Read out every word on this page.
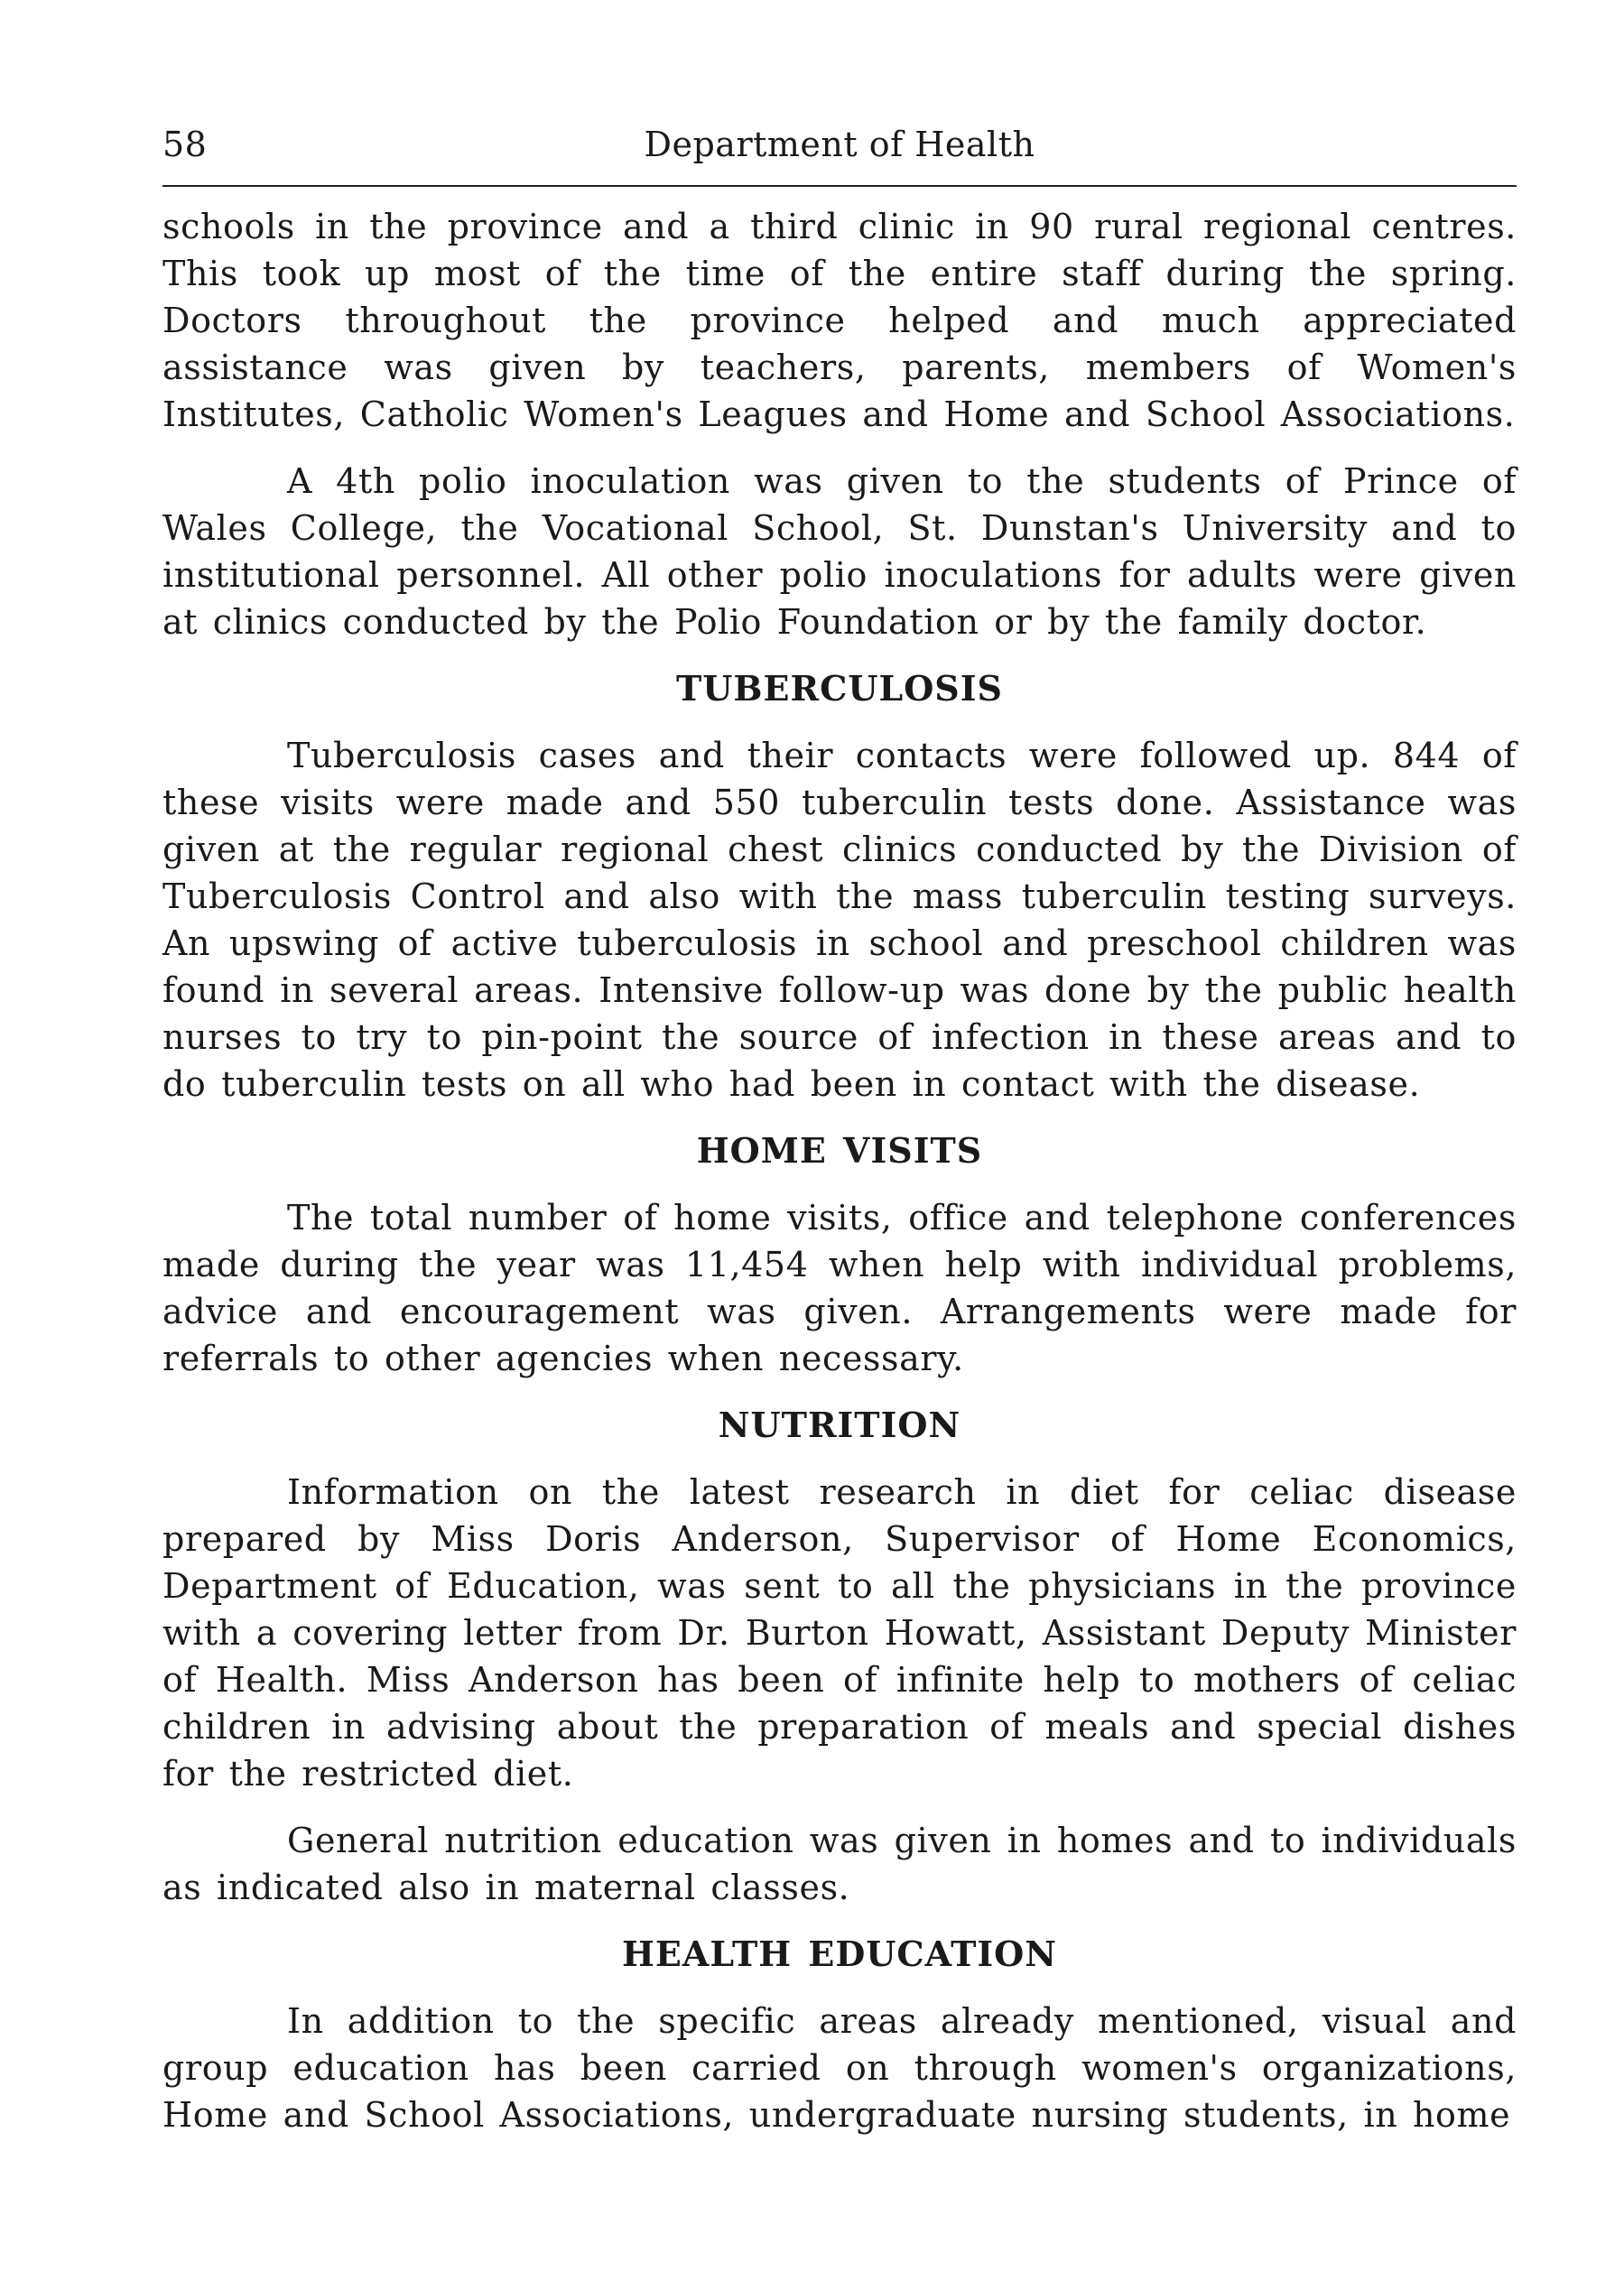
58	Department of Health

schools in the province and a third clinic in 90 rural regional centres. This took up most of the time of the entire staff during the spring. Doctors throughout the province helped and much appreciated assistance was given by teachers, parents, members of Women's Institutes, Catholic Women's Leagues and Home and School Associations.

A 4th polio inoculation was given to the students of Prince of Wales College, the Vocational School, St. Dunstan's University and to institutional personnel. All other polio inoculations for adults were given at clinics conducted by the Polio Foundation or by the family doctor.

TUBERCULOSIS

Tuberculosis cases and their contacts were followed up. 844 of these visits were made and 550 tuberculin tests done. Assistance was given at the regular regional chest clinics conducted by the Division of Tuberculosis Control and also with the mass tuberculin testing surveys. An upswing of active tuberculosis in school and preschool children was found in several areas. Intensive follow-up was done by the public health nurses to try to pin-point the source of infection in these areas and to do tuberculin tests on all who had been in contact with the disease.

HOME VISITS

The total number of home visits, office and telephone conferences made during the year was 11,454 when help with individual problems, advice and encouragement was given. Arrangements were made for referrals to other agencies when necessary.

NUTRITION

Information on the latest research in diet for celiac disease prepared by Miss Doris Anderson, Supervisor of Home Economics, Department of Education, was sent to all the physicians in the province with a covering letter from Dr. Burton Howatt, Assistant Deputy Minister of Health. Miss Anderson has been of infinite help to mothers of celiac children in advising about the preparation of meals and special dishes for the restricted diet.

General nutrition education was given in homes and to individuals as indicated also in maternal classes.

HEALTH EDUCATION

In addition to the specific areas already mentioned, visual and group education has been carried on through women's organizations, Home and School Associations, undergraduate nursing students, in home
